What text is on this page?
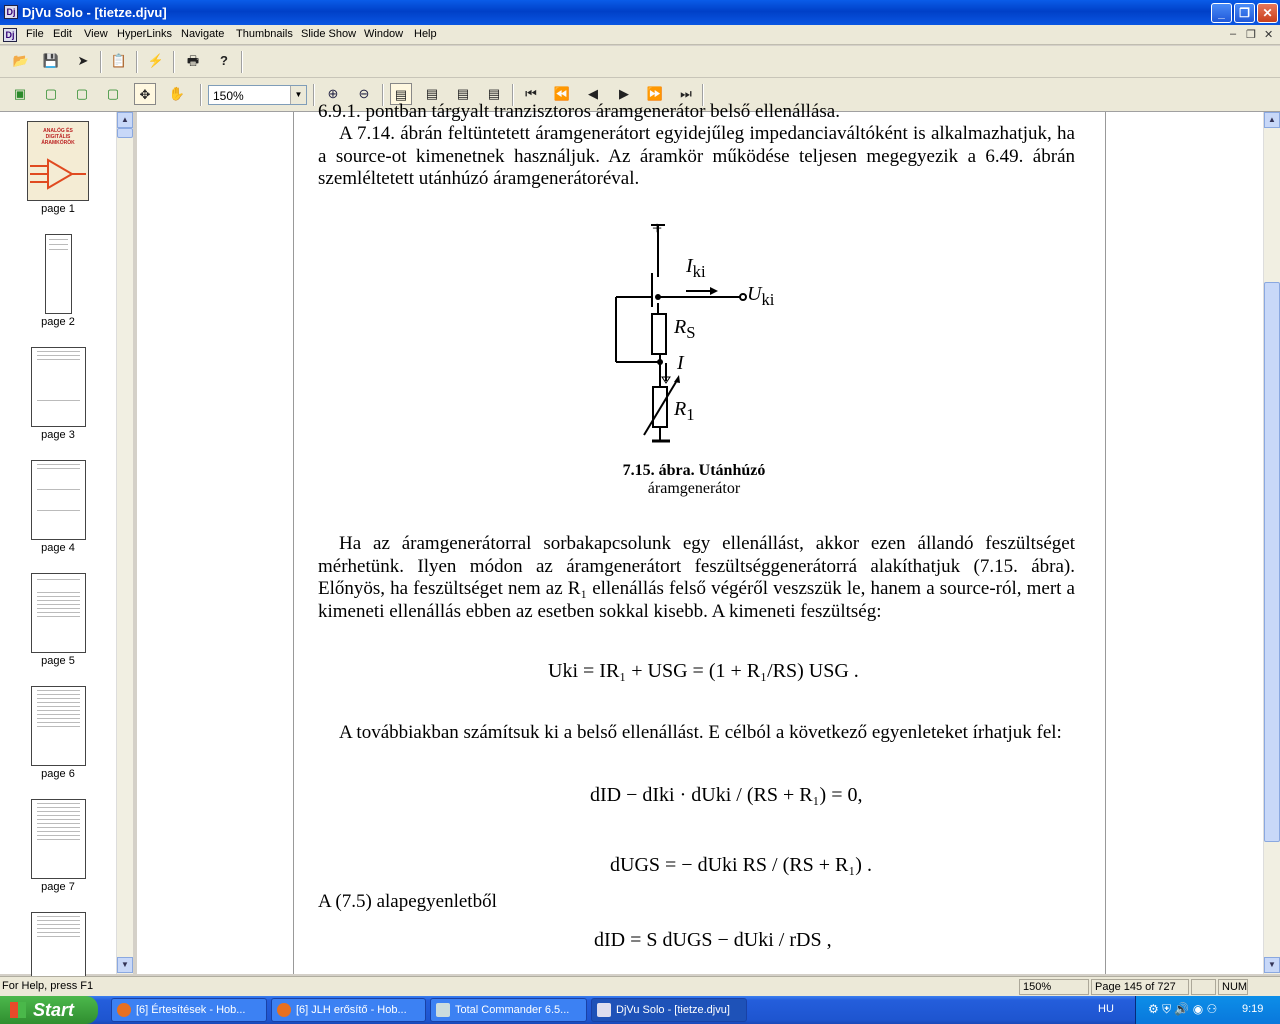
Dj DjVu Solo - [tietze.djvu]	_	❐	✕
Dj File Edit View HyperLinks Navigate Thumbnails Slide Show Window Help	– ❐ ✕
📂 💾	➤	📋 ⚡	🖶	?
▣	▢	▢	▢	✥	✋ 150%	▼	⊕	⊖	▤	▤	▤	▤	⏮	⏪	◀	▶	⏩	⏭
ANALÓG ÉS DIGITÁLIS ÁRAMKÖRÖK
page 1
page 2
page 3
page 4
page 5
page 6
page 7
▲
▼
6.9.1. pontban tárgyalt tranzisztoros áramgenerátor belső ellenállása.
A 7.14. ábrán feltüntetett áramgenerátort egyidejűleg impedanciaváltóként is alkalmazhatjuk, ha a source-ot kimenetnek használjuk. Az áramkör működése teljesen megegyezik a 6.49. ábrán szemléltetett utánhúzó áramgenerátoréval.
+
$I_{ki}$
$U_{ki}$
$R_S$
I
$R_1$
7.15. ábra. Utánhúzó
áramgenerátor
Ha az áramgenerátorral sorbakapcsolunk egy ellenállást, akkor ezen állandó feszültséget mérhetünk. Ilyen módon az áramgenerátort feszültséggenerátorrá alakíthatjuk (7.15. ábra). Előnyös, ha feszültséget nem az R₁ ellenállás felső végéről veszszük le, hanem a source-ról, mert a kimeneti ellenállás ebben az esetben sokkal kisebb. A kimeneti feszültség:
Uki = IR₁ + USG = (1 + R₁/RS) USG .
A továbbiakban számítsuk ki a belső ellenállást. E célból a következő egyenleteket írhatjuk fel:
dID − dIki · dUki / (RS + R₁) = 0,
dUGS = − dUki RS / (RS + R₁) .
A (7.5) alapegyenletből
dID = S dUGS − dUki / rDS ,
▲
▼
For Help, press F1	150%	Page 145 of 727	NUM
Start	[6] Értesítések - Hob...	[6] JLH erősítő - Hob...	Total Commander 6.5...	DjVu Solo - [tietze.djvu]	HU	⚙ ⛨ 🔊 ◉ ⚇ 9:19
